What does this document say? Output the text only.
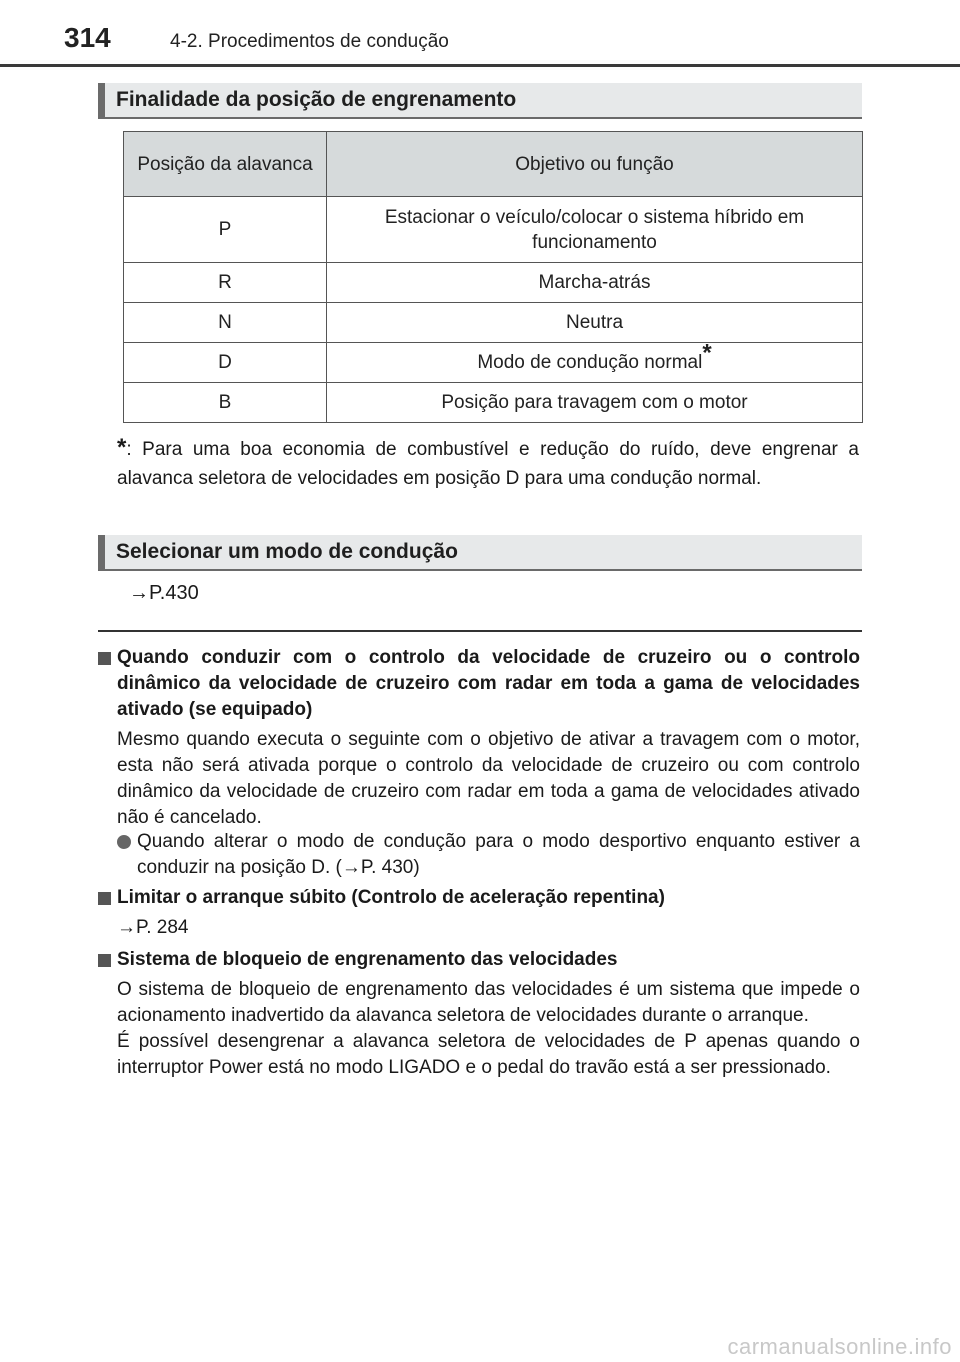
314	4-2. Procedimentos de condução
Finalidade da posição de engrenamento
Posição da alavanca	Objetivo ou função
P	Estacionar o veículo/colocar o sistema híbrido em funcionamento
R	Marcha-atrás
N	Neutra
D	Modo de condução normal*
B	Posição para travagem com o motor
*: Para uma boa economia de combustível e redução do ruído, deve engrenar a alavanca seletora de velocidades em posição D para uma condução normal.
Selecionar um modo de condução
→P.430
Quando conduzir com o controlo da velocidade de cruzeiro ou o controlo dinâmico da velocidade de cruzeiro com radar em toda a gama de velocidades ativado (se equipado)
Mesmo quando executa o seguinte com o objetivo de ativar a travagem com o motor, esta não será ativada porque o controlo da velocidade de cruzeiro ou com controlo dinâmico da velocidade de cruzeiro com radar em toda a gama de velocidades ativado não é cancelado.
Quando alterar o modo de condução para o modo desportivo enquanto estiver a conduzir na posição D. (→P. 430)
Limitar o arranque súbito (Controlo de aceleração repentina)
→P. 284
Sistema de bloqueio de engrenamento das velocidades
O sistema de bloqueio de engrenamento das velocidades é um sistema que impede o acionamento inadvertido da alavanca seletora de velocidades durante o arranque.
É possível desengrenar a alavanca seletora de velocidades de P apenas quando o interruptor Power está no modo LIGADO e o pedal do travão está a ser pressionado.
carmanualsonline.info
